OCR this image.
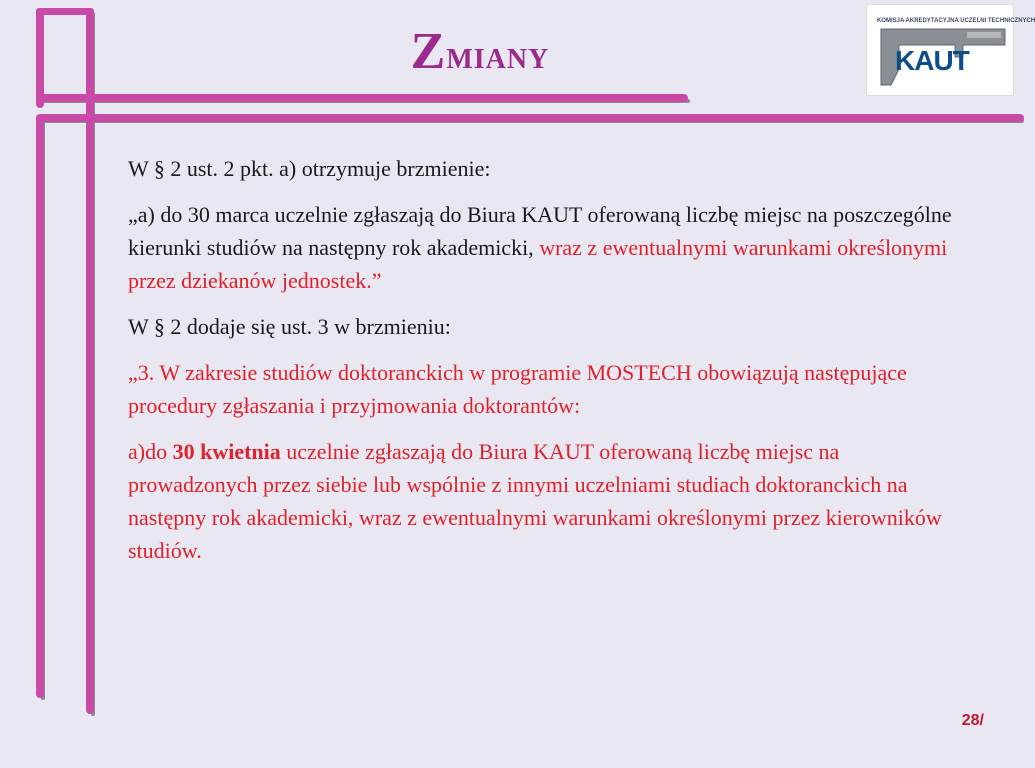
Zmiany
KOMISJA AKREDYTACYJNA UCZELNI TECHNICZNYCH
KAUT

W § 2 ust. 2 pkt. a) otrzymuje brzmienie:

„a) do 30 marca uczelnie zgłaszają do Biura KAUT oferowaną liczbę miejsc na poszczególne kierunki studiów na następny rok akademicki, wraz z ewentualnymi warunkami określonymi przez dziekanów jednostek.”

W § 2 dodaje się ust. 3 w brzmieniu:

„3. W zakresie studiów doktoranckich w programie MOSTECH obowiązują następujące procedury zgłaszania i przyjmowania doktorantów:

a)do 30 kwietnia uczelnie zgłaszają do Biura KAUT oferowaną liczbę miejsc na prowadzonych przez siebie lub wspólnie z innymi uczelniami studiach doktoranckich na następny rok akademicki, wraz z ewentualnymi warunkami określonymi przez kierowników studiów.

28/
